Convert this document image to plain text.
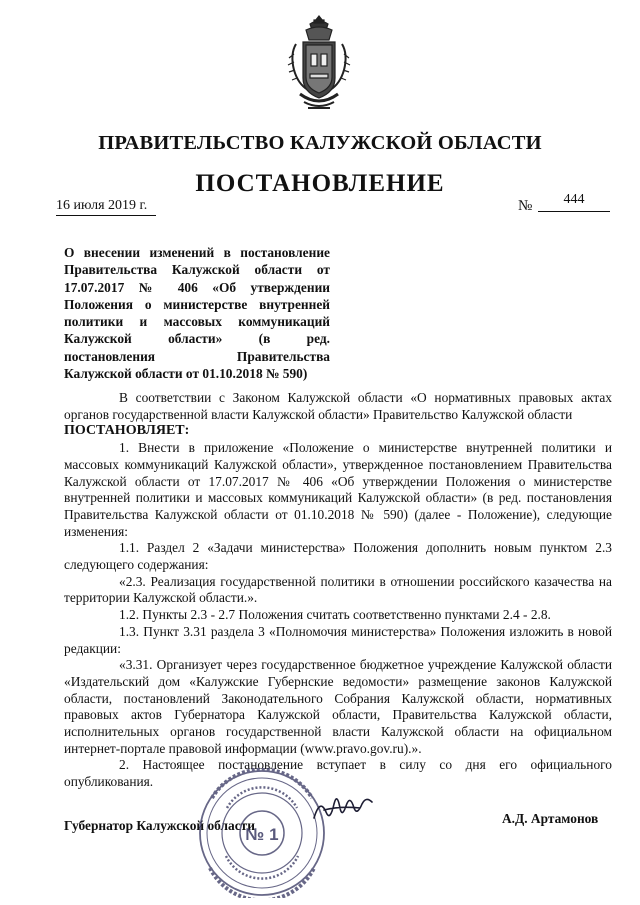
ПРАВИТЕЛЬСТВО КАЛУЖСКОЙ ОБЛАСТИ
ПОСТАНОВЛЕНИЕ
16 июля 2019 г.	№	444
О внесении изменений в постановление
Правительства Калужской области от
17.07.2017 № 406 «Об утверждении
Положения о министерстве внутренней
политики и массовых коммуникаций
Калужской области» (в ред.
постановления Правительства

Калужской области от 01.10.2018 № 590)

В соответствии с Законом Калужской области «О нормативных правовых актах органов государственной власти Калужской области» Правительство Калужской области

ПОСТАНОВЛЯЕТ:

1. Внести в приложение «Положение о министерстве внутренней политики и массовых коммуникаций Калужской области», утвержденное постановлением Правительства Калужской области от 17.07.2017 № 406 «Об утверждении Положения о министерстве внутренней политики и массовых коммуникаций Калужской области» (в ред. постановления Правительства Калужской области от 01.10.2018 № 590) (далее - Положение), следующие изменения:

1.1. Раздел 2 «Задачи министерства» Положения дополнить новым пунктом 2.3 следующего содержания:

«2.3. Реализация государственной политики в отношении российского казачества на территории Калужской области.».

1.2. Пункты 2.3 - 2.7 Положения считать соответственно пунктами 2.4 - 2.8.

1.3. Пункт 3.31 раздела 3 «Полномочия министерства» Положения изложить в новой редакции:

«3.31. Организует через государственное бюджетное учреждение Калужской области «Издательский дом «Калужские Губернские ведомости» размещение законов Калужской области, постановлений Законодательного Собрания Калужской области, нормативных правовых актов Губернатора Калужской области, Правительства Калужской области, исполнительных органов государственной власти Калужской области на официальном интернет-портале правовой информации (www.pravo.gov.ru).».

2. Настоящее постановление вступает в силу со дня его официального опубликования.

Губернатор Калужской области	А.Д. Артамонов
№ 1
